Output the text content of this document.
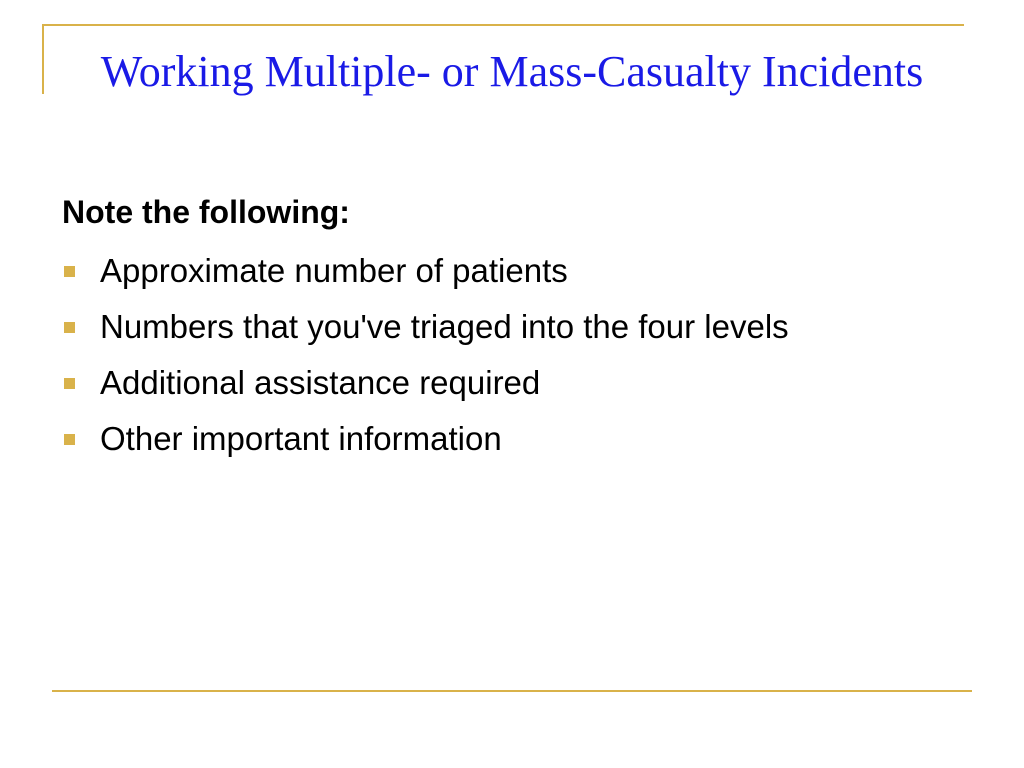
Working Multiple- or Mass-Casualty Incidents

Note the following:

Approximate number of patients
Numbers that you've triaged into the four levels
Additional assistance required
Other important information
